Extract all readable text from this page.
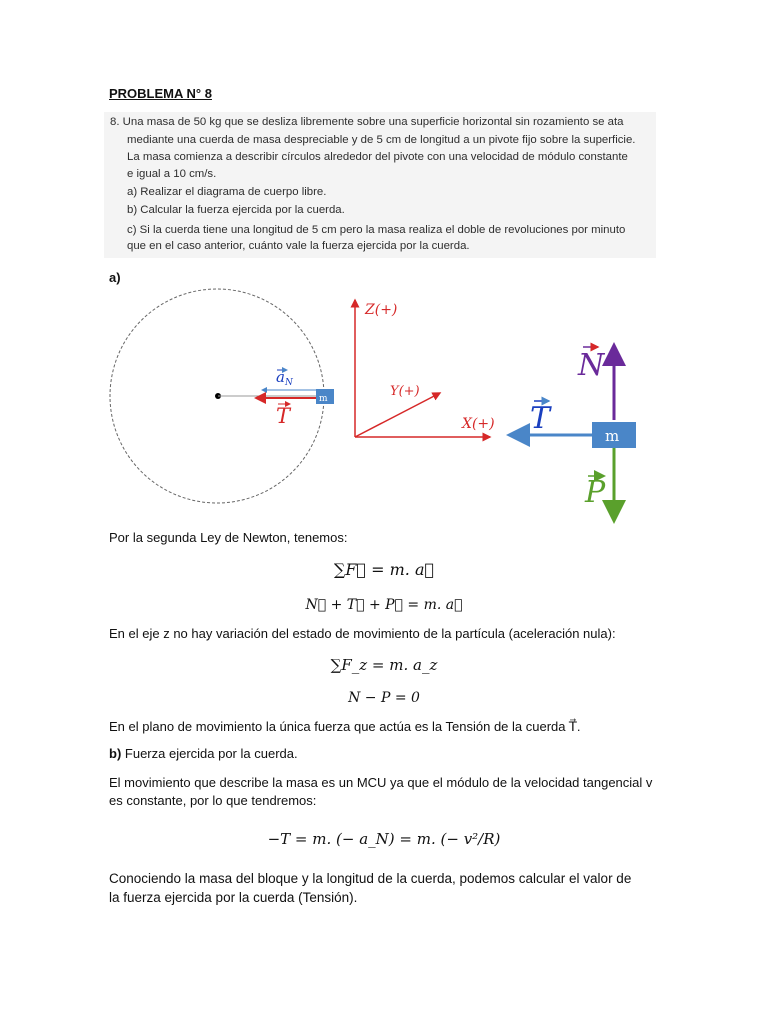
PROBLEMA N° 8
8. Una masa de 50 kg que se desliza libremente sobre una superficie horizontal sin rozamiento se ata
mediante una cuerda de masa despreciable y de 5 cm de longitud a un pivote fijo sobre la superficie.
La masa comienza a describir círculos alrededor del pivote con una velocidad de módulo constante
e igual a 10 cm/s.
a) Realizar el diagrama de cuerpo libre.
b) Calcular la fuerza ejercida por la cuerda.
c) Si la cuerda tiene una longitud de 5 cm pero la masa realiza el doble de revoluciones por minuto
que en el caso anterior, cuánto vale la fuerza ejercida por la cuerda.
a)
$a_N$
T
m
Z(+)
Y(+)
X(+)
m
N
T
P
Por la segunda Ley de Newton, tenemos:
∑F⃗ = m. a⃗
N⃗ + T⃗ + P⃗ = m. a⃗
En el eje z no hay variación del estado de movimiento de la partícula (aceleración nula):
∑F_z = m. a_z
N − P = 0
En el plano de movimiento la única fuerza que actúa es la Tensión de la cuerda T⃗.
b) Fuerza ejercida por la cuerda.
El movimiento que describe la masa es un MCU ya que el módulo de la velocidad tangencial v
es constante, por lo que tendremos:
−T = m. (− a_N) = m. (− v²/R)
Conociendo la masa del bloque y la longitud de la cuerda, podemos calcular el valor de
la fuerza ejercida por la cuerda (Tensión).
